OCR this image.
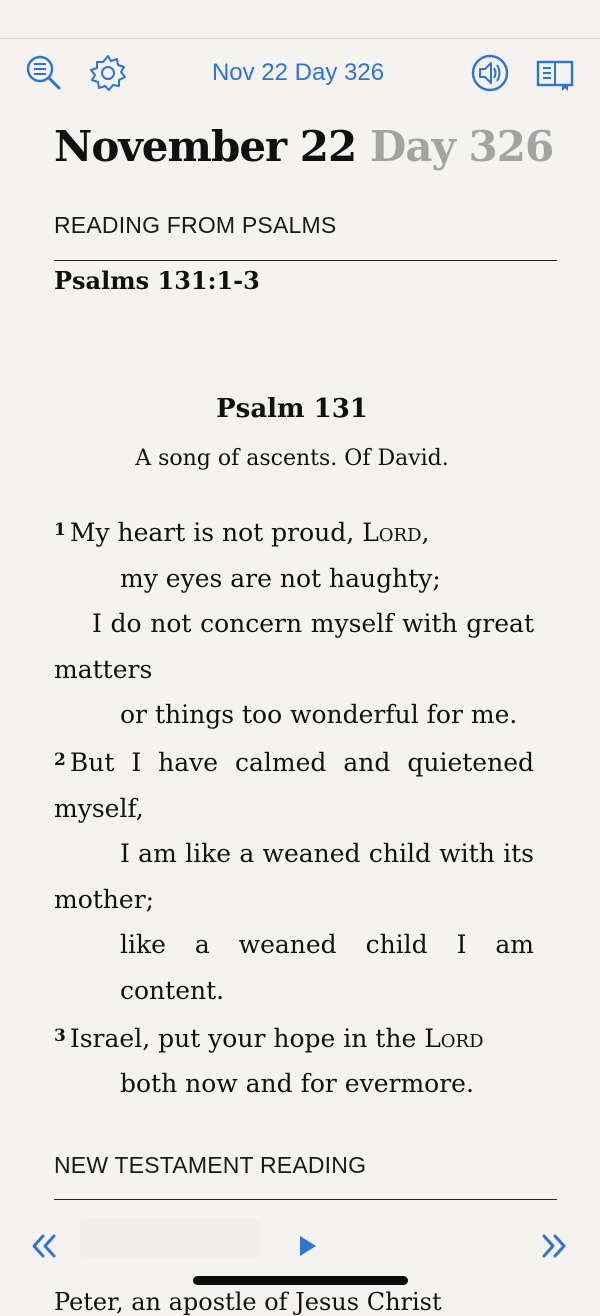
Nov 22 Day 326
November 22 Day 326
READING FROM PSALMS
Psalms 131:1-3
Psalm 131
A song of ascents. Of David.

$^1$ My heart is not proud, Lord,

my eyes are not haughty;

I do not concern myself with great

matters

or things too wonderful for me.

$^2$ But I have calmed and quietened

myself,

I am like a weaned child with its

mother;

like a weaned child I am content.

$^3$ Israel, put your hope in the Lord

both now and for evermore.

NEW TESTAMENT READING
Peter, an apostle of Jesus Christ
